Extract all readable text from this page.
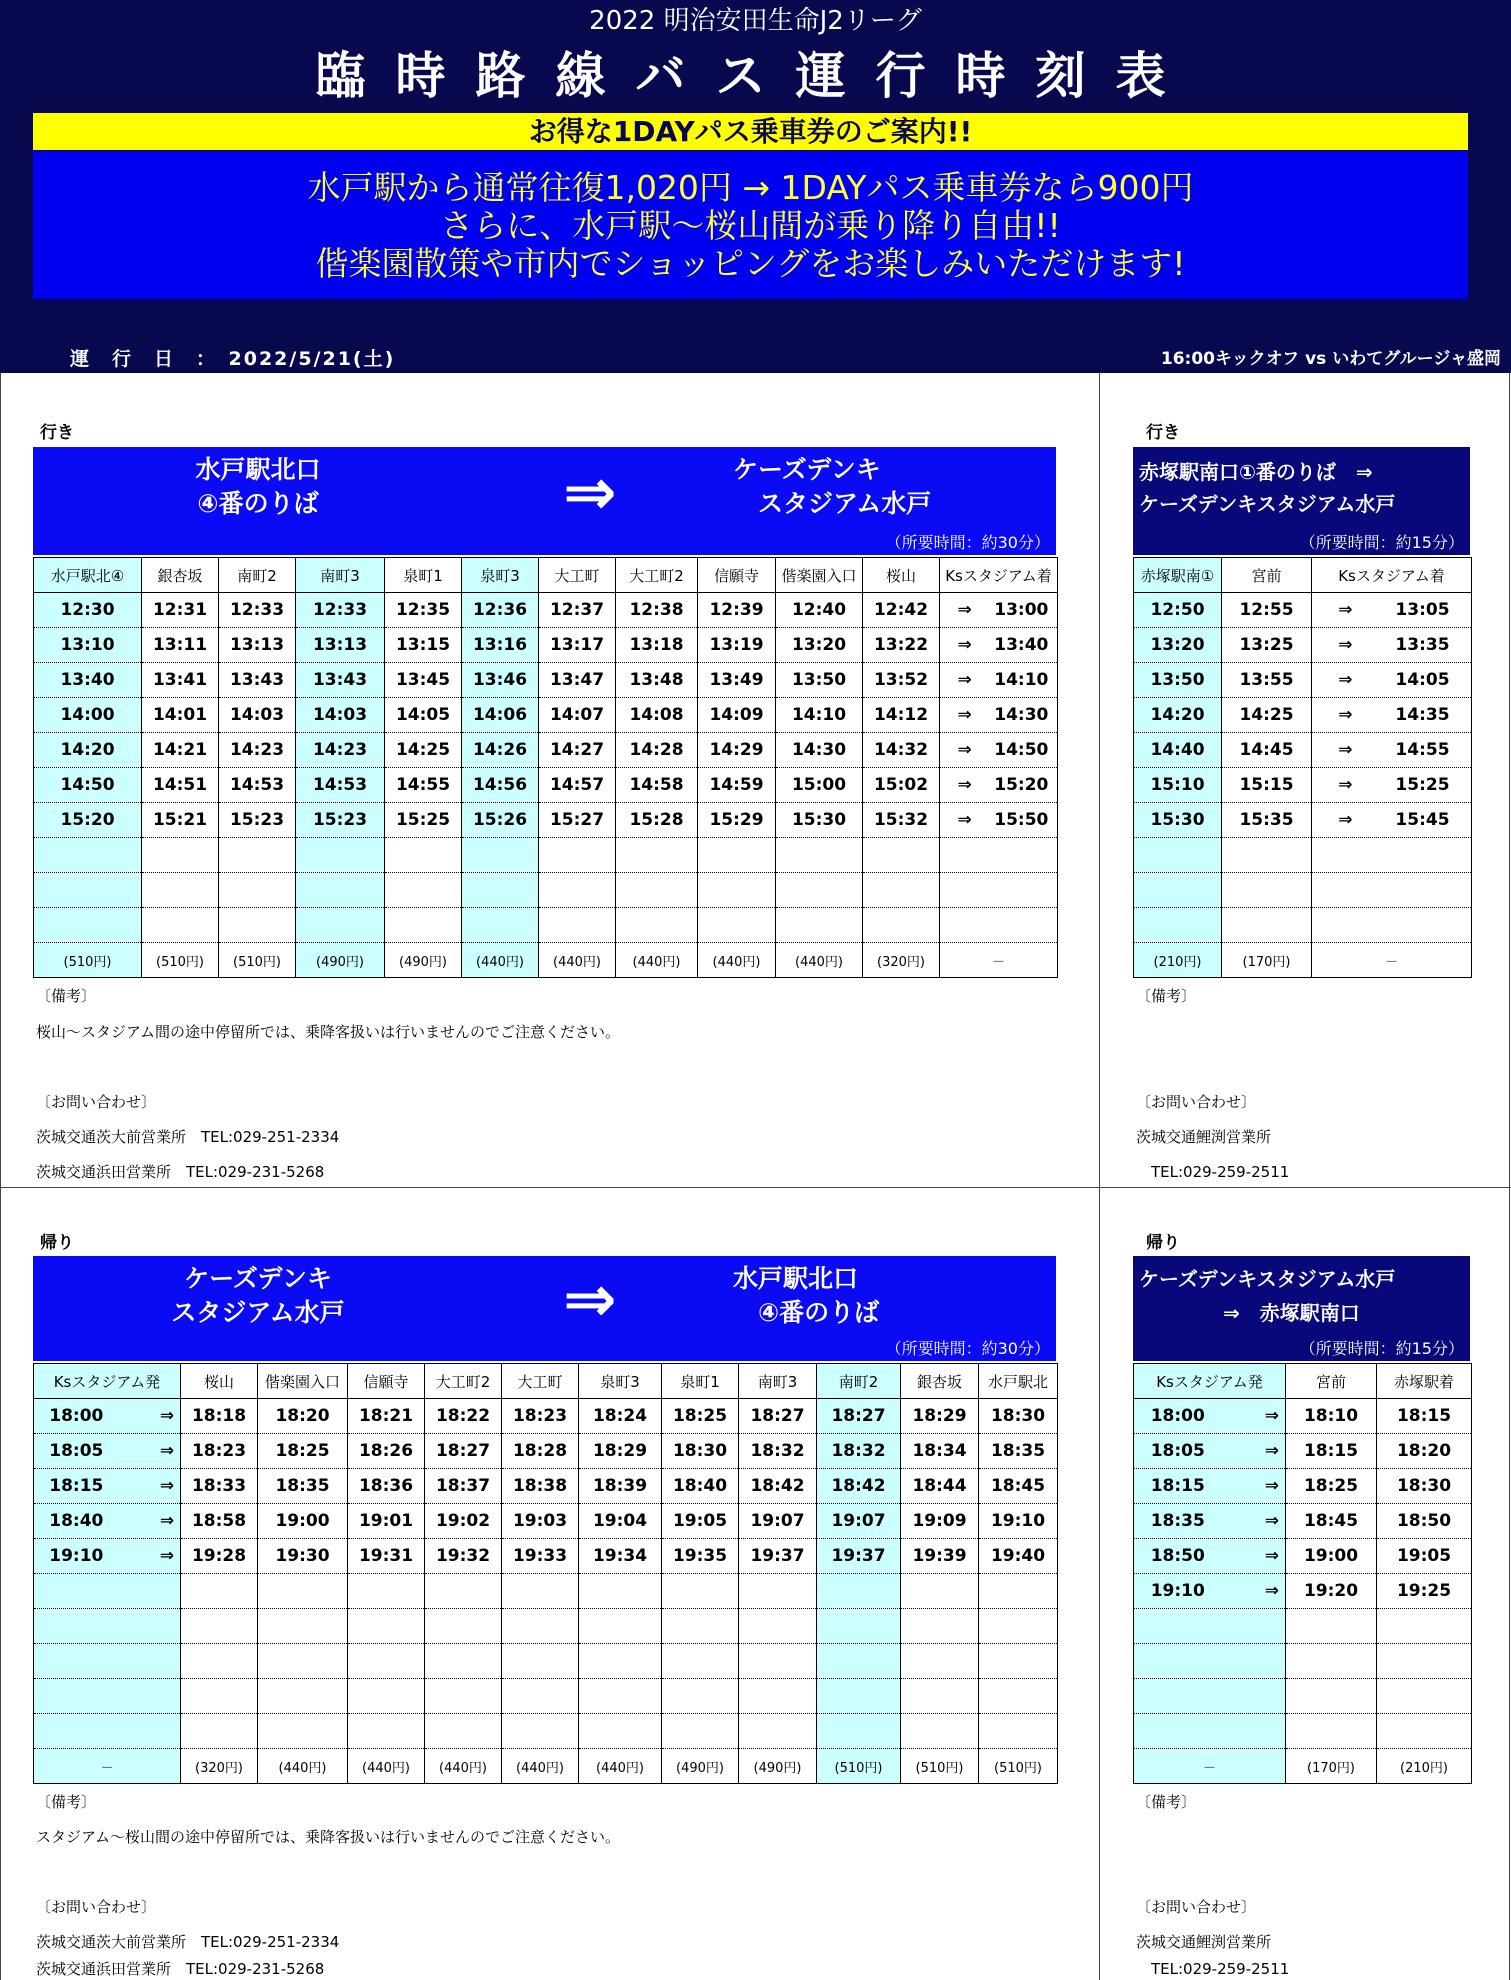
2022 明治安田生命J2リーグ
臨時路線バス運行時刻表
お得な1DAYパス乗車券のご案内!!
水戸駅から通常往復1,020円 → 1DAYパス乗車券なら900円
さらに、水戸駅～桜山間が乗り降り自由!!
偕楽園散策や市内でショッピングをお楽しみいただけます!
運　行　日　：　2022/5/21(土)	16:00キックオフ vs いわてグルージャ盛岡
行き
水戸駅北口
④番のりば	⇒	ケーズデンキ
　スタジアム水戸
（所要時間：約30分）
水戸駅北④	銀杏坂	南町2	南町3	泉町1	泉町3	大工町	大工町2	信願寺	偕楽園入口	桜山	Ksスタジアム着
12:30	12:31	12:33	12:33	12:35	12:36	12:37	12:38	12:39	12:40	12:42	⇒ 13:00
13:10	13:11	13:13	13:13	13:15	13:16	13:17	13:18	13:19	13:20	13:22	⇒ 13:40
13:40	13:41	13:43	13:43	13:45	13:46	13:47	13:48	13:49	13:50	13:52	⇒ 14:10
14:00	14:01	14:03	14:03	14:05	14:06	14:07	14:08	14:09	14:10	14:12	⇒ 14:30
14:20	14:21	14:23	14:23	14:25	14:26	14:27	14:28	14:29	14:30	14:32	⇒ 14:50
14:50	14:51	14:53	14:53	14:55	14:56	14:57	14:58	14:59	15:00	15:02	⇒ 15:20
15:20	15:21	15:23	15:23	15:25	15:26	15:27	15:28	15:29	15:30	15:32	⇒ 15:50

(510円)	(510円)	(510円)	(490円)	(490円)	(440円)	(440円)	(440円)	(440円)	(440円)	(320円)	－
〔備考〕
桜山～スタジアム間の途中停留所では、乗降客扱いは行いませんのでご注意ください。
〔お問い合わせ〕
茨城交通茨大前営業所　TEL:029-251-2334
茨城交通浜田営業所　TEL:029-231-5268
行き
赤塚駅南口①番のりば　⇒
ケーズデンキスタジアム水戸
（所要時間：約15分）
赤塚駅南①	宮前	Ksスタジアム着
12:50	12:55	⇒ 13:05
13:20	13:25	⇒ 13:35
13:50	13:55	⇒ 14:05
14:20	14:25	⇒ 14:35
14:40	14:45	⇒ 14:55
15:10	15:15	⇒ 15:25
15:30	15:35	⇒ 15:45

(210円)	(170円)	－
〔備考〕
〔お問い合わせ〕
茨城交通鯉渕営業所
　TEL:029-259-2511
帰り
ケーズデンキ
スタジアム水戸	⇒	水戸駅北口
　④番のりば
（所要時間：約30分）
Ksスタジアム発	桜山	偕楽園入口	信願寺	大工町2	大工町	泉町3	泉町1	南町3	南町2	銀杏坂	水戸駅北
18:00 ⇒	18:18	18:20	18:21	18:22	18:23	18:24	18:25	18:27	18:27	18:29	18:30
18:05 ⇒	18:23	18:25	18:26	18:27	18:28	18:29	18:30	18:32	18:32	18:34	18:35
18:15 ⇒	18:33	18:35	18:36	18:37	18:38	18:39	18:40	18:42	18:42	18:44	18:45
18:40 ⇒	18:58	19:00	19:01	19:02	19:03	19:04	19:05	19:07	19:07	19:09	19:10
19:10 ⇒	19:28	19:30	19:31	19:32	19:33	19:34	19:35	19:37	19:37	19:39	19:40

－	(320円)	(440円)	(440円)	(440円)	(440円)	(440円)	(490円)	(490円)	(510円)	(510円)	(510円)
〔備考〕
スタジアム～桜山間の途中停留所では、乗降客扱いは行いませんのでご注意ください。
〔お問い合わせ〕
茨城交通茨大前営業所　TEL:029-251-2334
茨城交通浜田営業所　TEL:029-231-5268
帰り
ケーズデンキスタジアム水戸
⇒　赤塚駅南口
（所要時間：約15分）
Ksスタジアム発	宮前	赤塚駅着
18:00 ⇒	18:10	18:15
18:05 ⇒	18:15	18:20
18:15 ⇒	18:25	18:30
18:35 ⇒	18:45	18:50
18:50 ⇒	19:00	19:05
19:10 ⇒	19:20	19:25

－	(170円)	(210円)
〔備考〕
〔お問い合わせ〕
茨城交通鯉渕営業所
　TEL:029-259-2511
